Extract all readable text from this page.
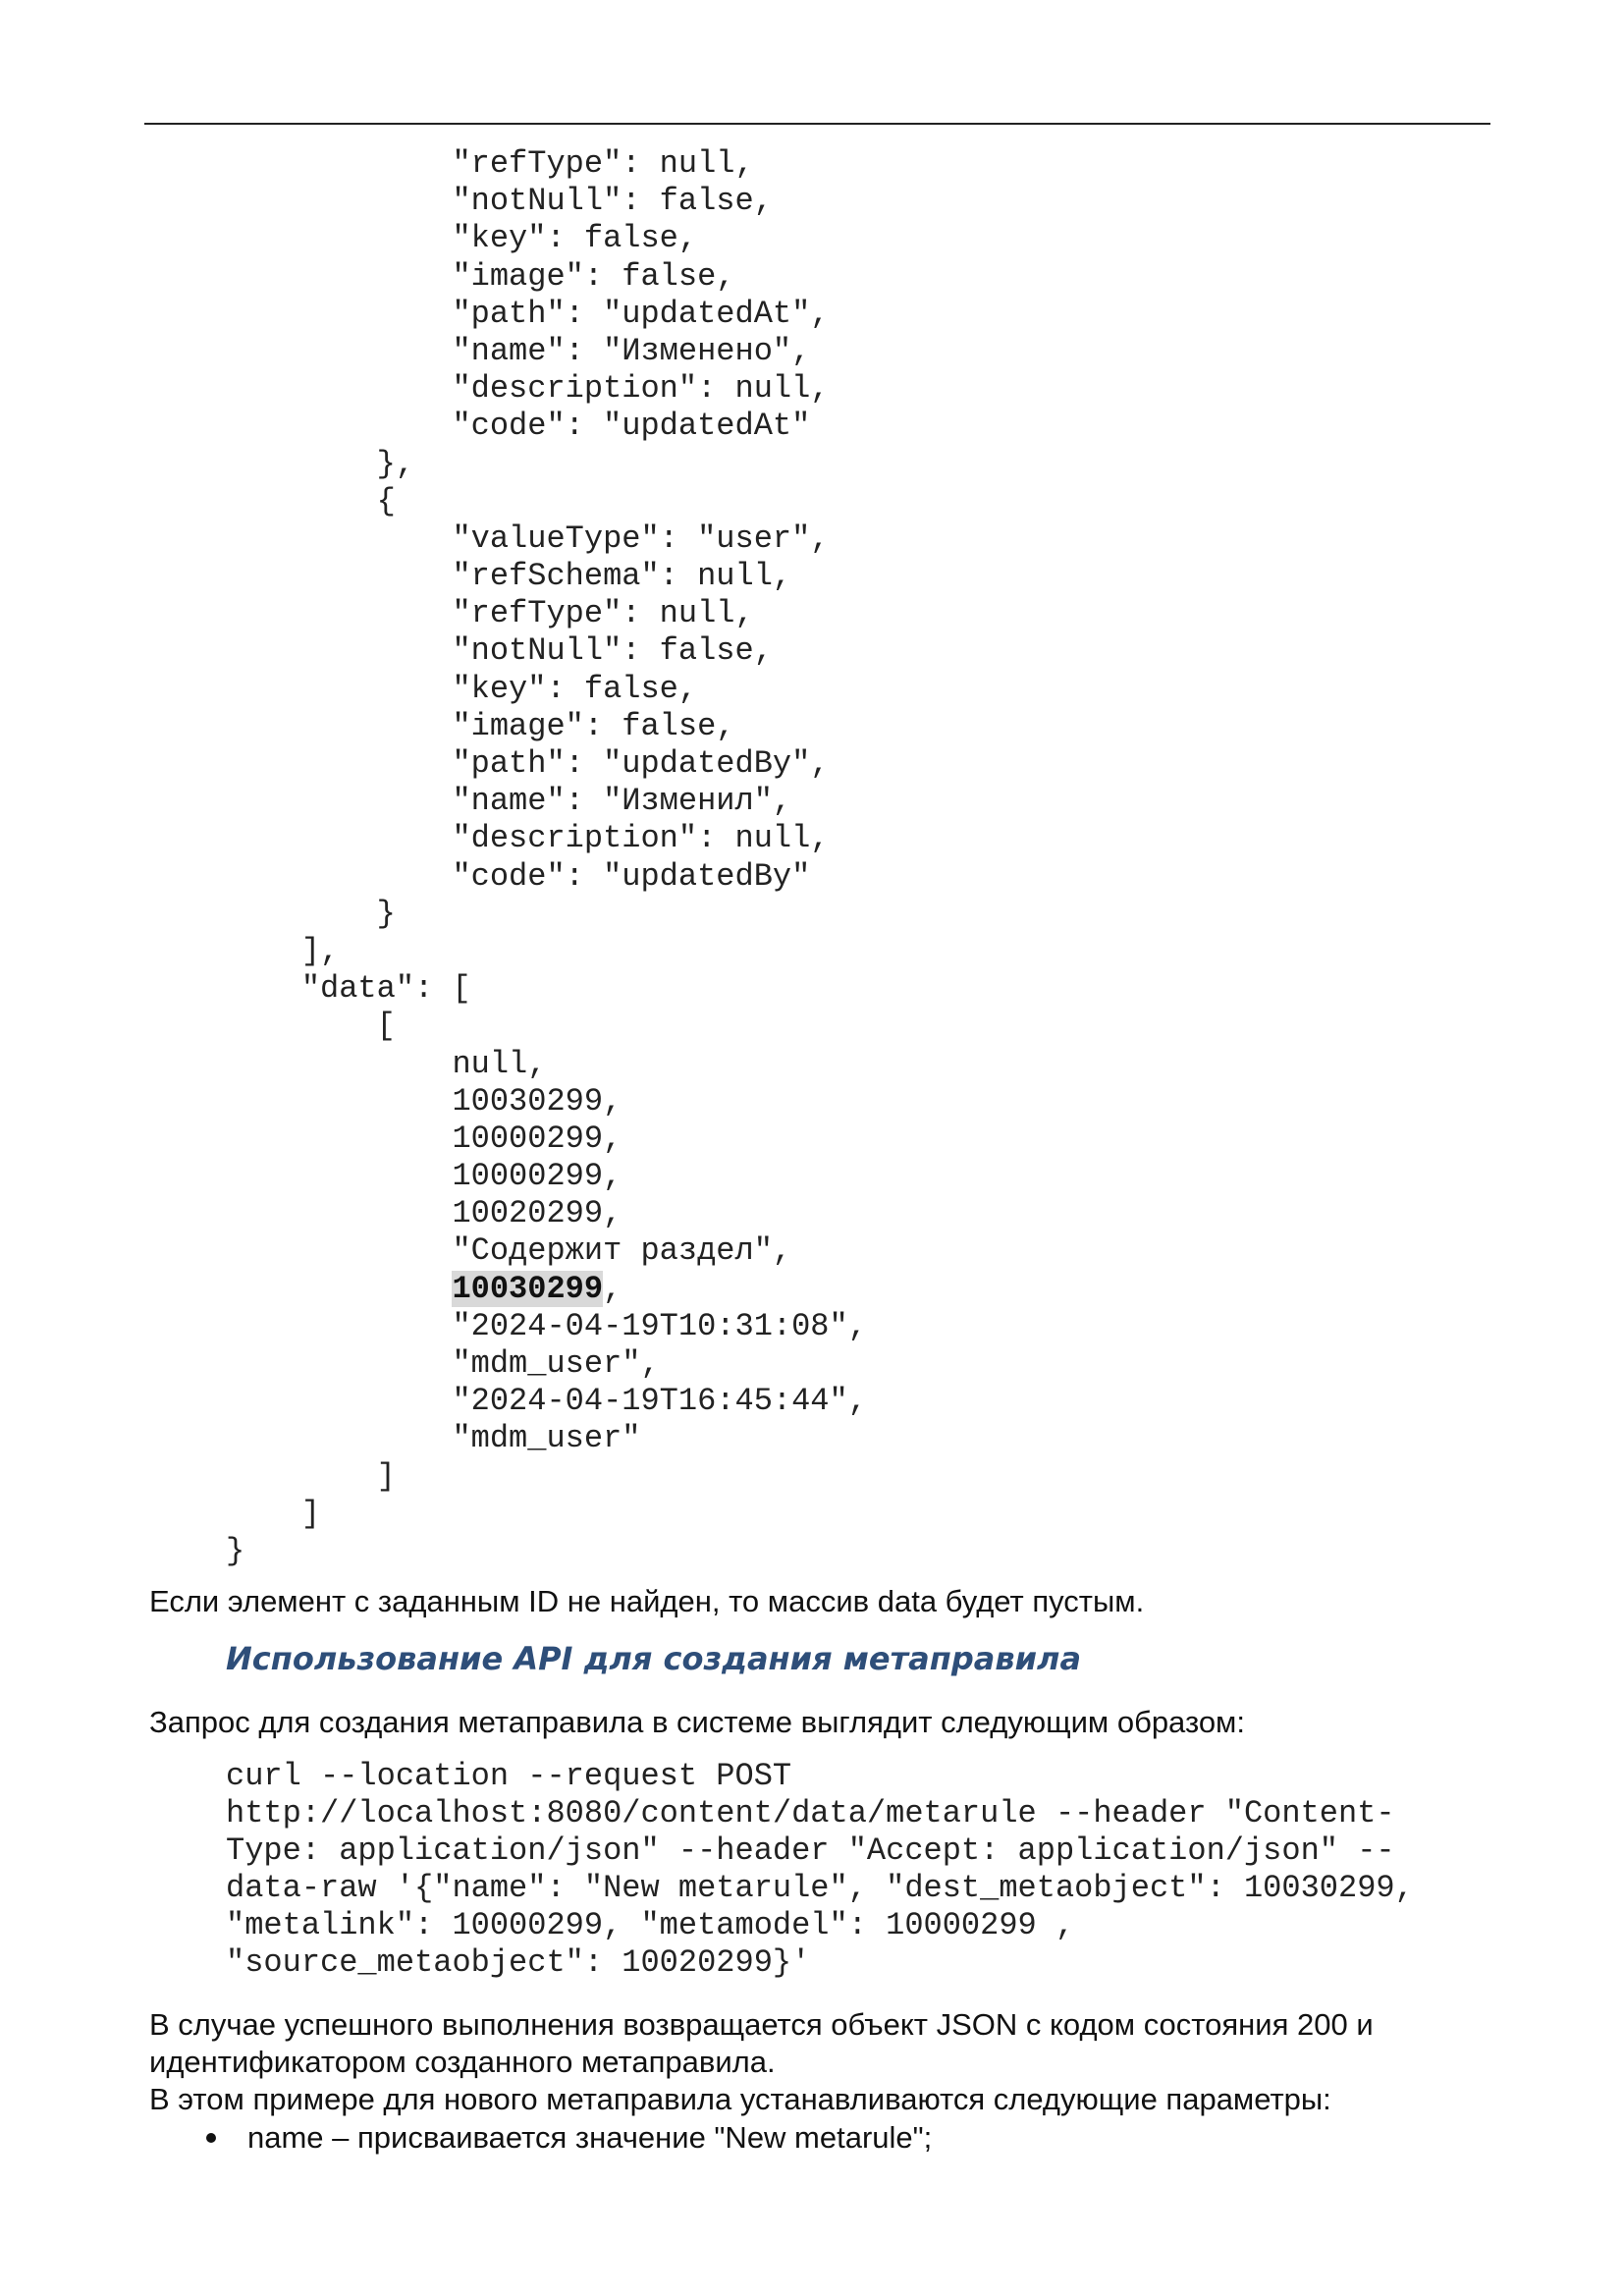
"refType": null,
"notNull": false,
"key": false,
"image": false,
"path": "updatedAt",
"name": "Изменено",
"description": null,
"code": "updatedAt"
},
{
"valueType": "user",
"refSchema": null,
"refType": null,
"notNull": false,
"key": false,
"image": false,
"path": "updatedBy",
"name": "Изменил",
"description": null,
"code": "updatedBy"
}
],
"data": [
[
null,
10030299,
10000299,
10000299,
10020299,
"Содержит раздел",
10030299,
"2024-04-19T10:31:08",
"mdm_user",
"2024-04-19T16:45:44",
"mdm_user"
]
]
}
Если элемент с заданным ID не найден, то массив data будет пустым.
Использование API для создания метаправила
Запрос для создания метаправила в системе выглядит следующим образом:
curl --location --request POST
http://localhost:8080/content/data/metarule --header "Content-
Type: application/json" --header "Accept: application/json" --
data-raw '{"name": "New metarule", "dest_metaobject": 10030299,
"metalink": 10000299, "metamodel": 10000299 ,
"source_metaobject": 10020299}'
В случае успешного выполнения возвращается объект JSON с кодом состояния 200 и
идентификатором созданного метаправила.
В этом примере для нового метаправила устанавливаются следующие параметры:
name – присваивается значение "New metarule";
